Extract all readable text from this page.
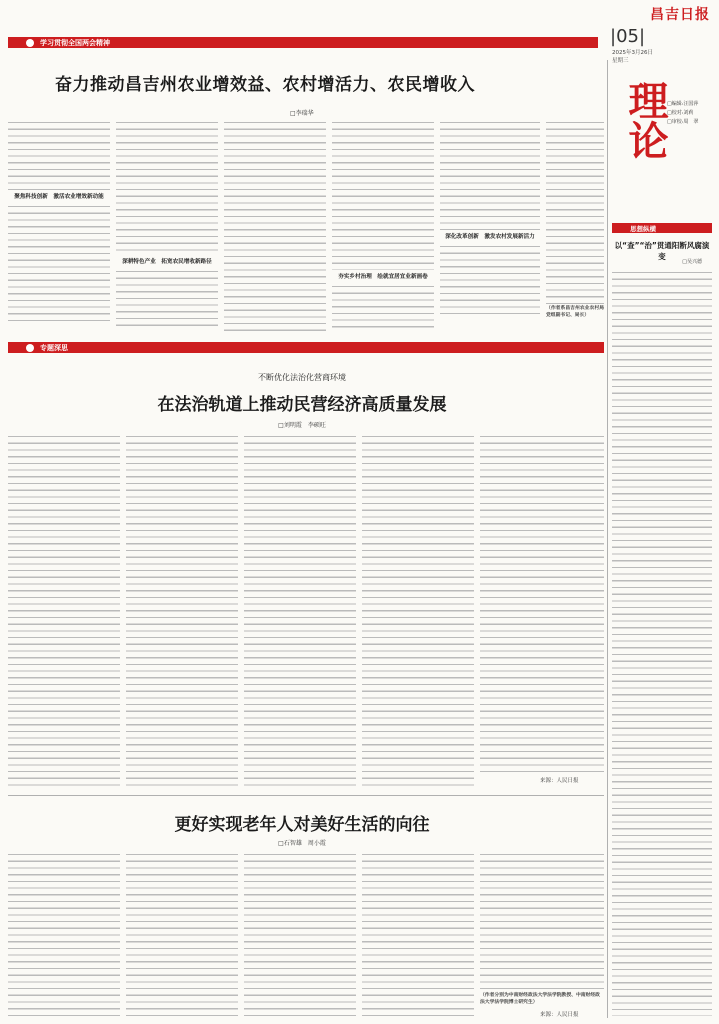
昌吉日报
|05|
2025年3月26日
星期三
学习贯彻全国两会精神
奋力推动昌吉州农业增效益、农村增活力、农民增收入
□李瑞华
聚焦科技创新　激活农业增效新动能
深耕特色产业　拓宽农民增收新路径
夯实乡村治理　绘就宜居宜业新画卷
深化改革创新　激发农村发展新活力
（作者系昌吉州农业农村局党组副书记、局长）
理论
□编辑:汪国萍
□校对:刘莉
□审校:周　翠
思想纵横
以“查”“治”贯通阳断风腐演变
□吴兴德
专题深思
不断优化法治化营商环境
在法治轨道上推动民营经济高质量发展
□刘明霞　李硕旺
来源：人民日报
更好实现老年人对美好生活的向往
□石智雄　周小霞
（作者分别为中南财经政法大学法学院教授、中南财经政法大学法学院博士研究生）
来源：人民日报
